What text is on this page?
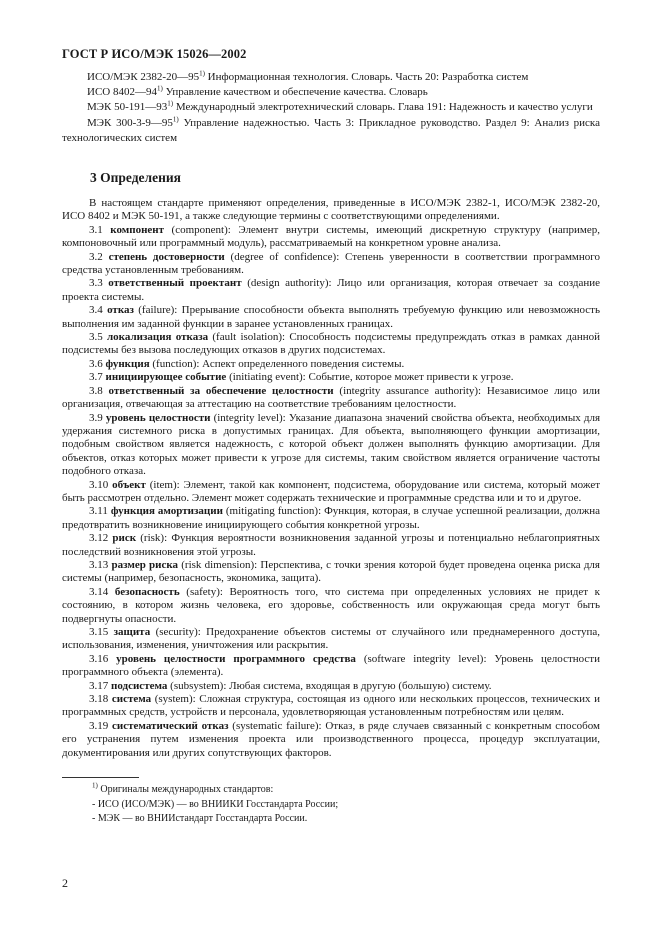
ГОСТ Р ИСО/МЭК 15026—2002

ИСО/МЭК 2382-20—95$^{1)}$ Информационная технология. Словарь. Часть 20: Разработка систем

ИСО 8402—94$^{1)}$ Управление качеством и обеспечение качества. Словарь

МЭК 50-191—93$^{1)}$ Международный электротехнический словарь. Глава 191: Надежность и качество услуги

МЭК 300-3-9—95$^{1)}$ Управление надежностью. Часть 3: Прикладное руководство. Раздел 9: Анализ риска технологических систем

3 Определения

В настоящем стандарте применяют определения, приведенные в ИСО/МЭК 2382-1, ИСО/МЭК 2382-20, ИСО 8402 и МЭК 50-191, а также следующие термины с соответствующими определениями.

3.1 компонент (component): Элемент внутри системы, имеющий дискретную структуру (например, компоновочный или программный модуль), рассматриваемый на конкретном уровне анализа.

3.2 степень достоверности (degree of confidence): Степень уверенности в соответствии программного средства установленным требованиям.

3.3 ответственный проектант (design authority): Лицо или организация, которая отвечает за создание проекта системы.

3.4 отказ (failure): Прерывание способности объекта выполнять требуемую функцию или невозможность выполнения им заданной функции в заранее установленных границах.

3.5 локализация отказа (fault isolation): Способность подсистемы предупреждать отказ в рамках данной подсистемы без вызова последующих отказов в других подсистемах.

3.6 функция (function): Аспект определенного поведения системы.

3.7 инициирующее событие (initiating event): Событие, которое может привести к угрозе.

3.8 ответственный за обеспечение целостности (integrity assurance authority): Независимое лицо или организация, отвечающая за аттестацию на соответствие требованиям целостности.

3.9 уровень целостности (integrity level): Указание диапазона значений свойства объекта, необходимых для удержания системного риска в допустимых границах. Для объекта, выполняющего функции амортизации, подобным свойством является надежность, с которой объект должен выполнять функцию амортизации. Для объектов, отказ которых может привести к угрозе для системы, таким свойством является ограничение частоты подобного отказа.

3.10 объект (item): Элемент, такой как компонент, подсистема, оборудование или система, который может быть рассмотрен отдельно. Элемент может содержать технические и программные средства или и то и другое.

3.11 функция амортизации (mitigating function): Функция, которая, в случае успешной реализации, должна предотвратить возникновение инициирующего события конкретной угрозы.

3.12 риск (risk): Функция вероятности возникновения заданной угрозы и потенциально неблагоприятных последствий возникновения этой угрозы.

3.13 размер риска (risk dimension): Перспектива, с точки зрения которой будет проведена оценка риска для системы (например, безопасность, экономика, защита).

3.14 безопасность (safety): Вероятность того, что система при определенных условиях не придет к состоянию, в котором жизнь человека, его здоровье, собственность или окружающая среда могут быть подвергнуты опасности.

3.15 защита (security): Предохранение объектов системы от случайного или преднамеренного доступа, использования, изменения, уничтожения или раскрытия.

3.16 уровень целостности программного средства (software integrity level): Уровень целостности программного объекта (элемента).

3.17 подсистема (subsystem): Любая система, входящая в другую (большую) систему.

3.18 система (system): Сложная структура, состоящая из одного или нескольких процессов, технических и программных средств, устройств и персонала, удовлетворяющая установленным потребностям или целям.

3.19 систематический отказ (systematic failure): Отказ, в ряде случаев связанный с конкретным способом его устранения путем изменения проекта или производственного процесса, процедур эксплуатации, документирования или других сопутствующих факторов.

$^{1)}$ Оригиналы международных стандартов:

- ИСО (ИСО/МЭК) — во ВНИИКИ Госстандарта России;

- МЭК — во ВНИИстандарт Госстандарта России.

2
